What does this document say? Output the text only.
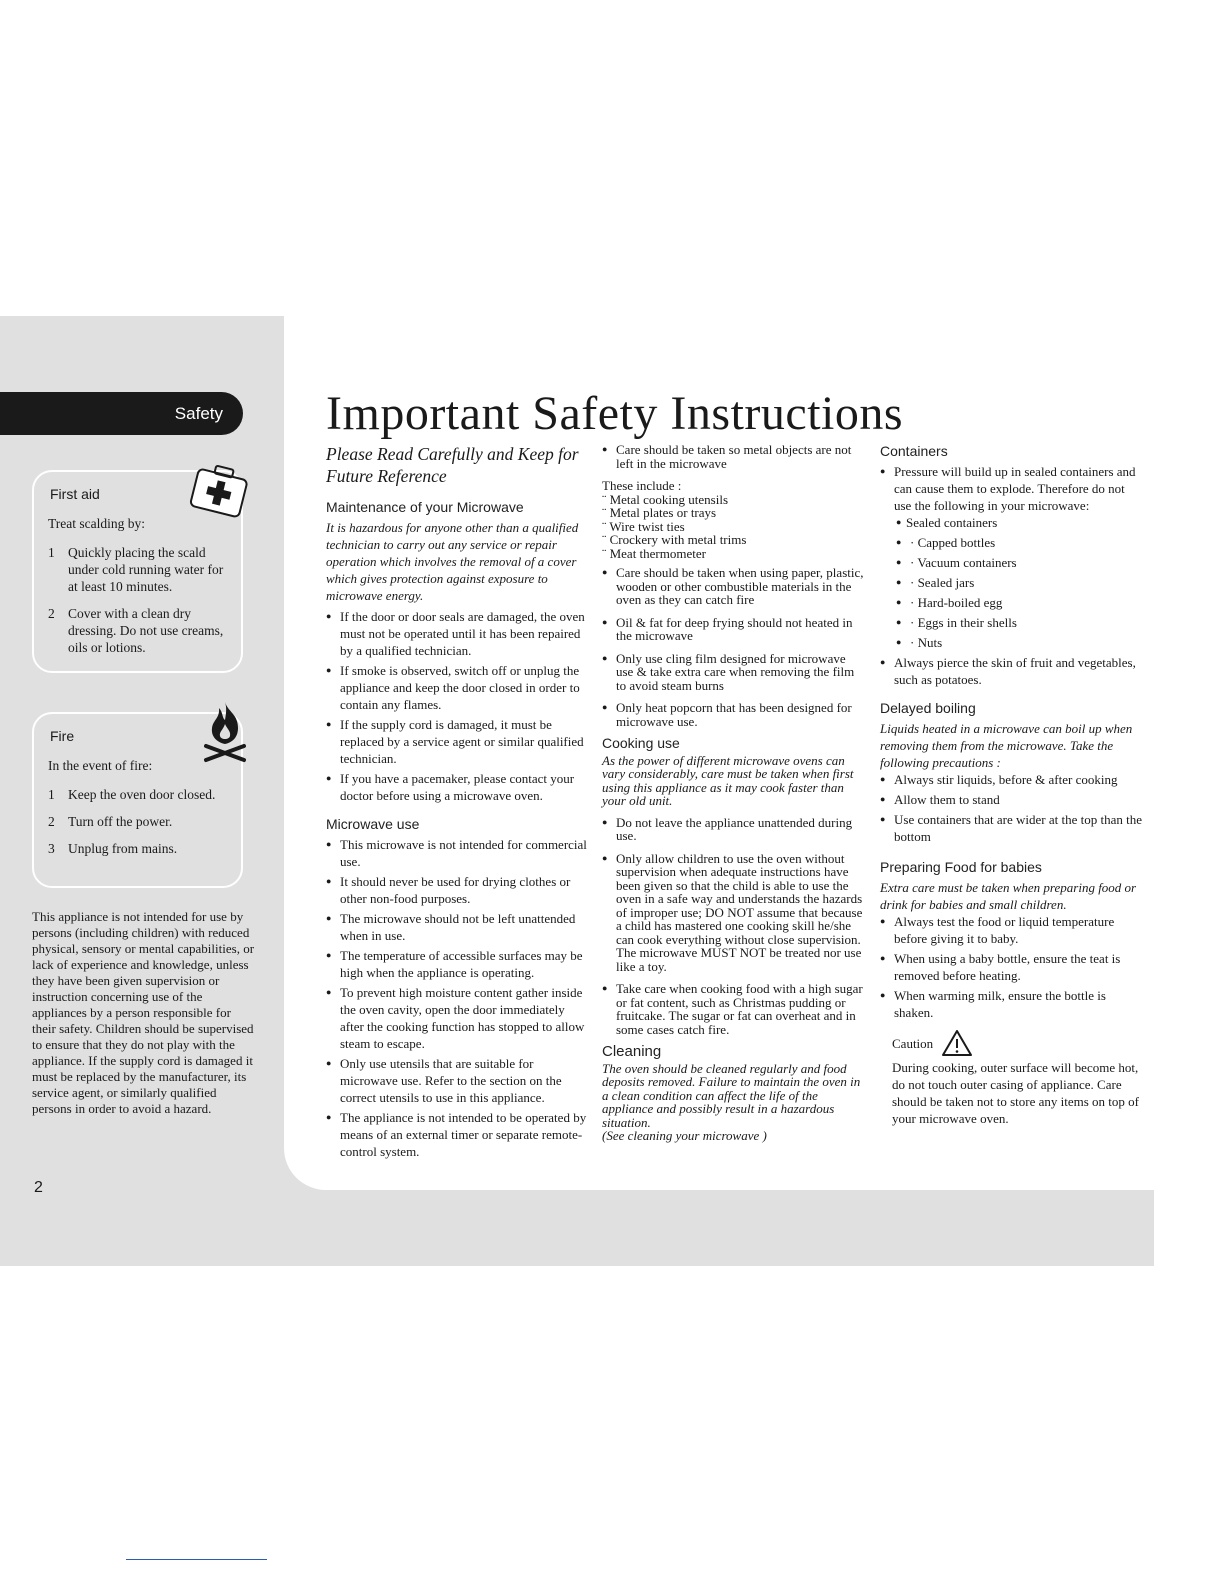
Safety Important Safety Instructions
First aid

Treat scalding by:

1 Quickly placing the scald under cold running water for at least 10 minutes.
2 Cover with a clean dry dressing. Do not use creams, oils or lotions.
Fire

In the event of fire:

1 Keep the oven door closed.
2 Turn off the power.
3 Unplug from mains.

This appliance is not intended for use by persons (including children) with reduced physical, sensory or mental capabilities, or lack of experience and knowledge, unless they have been given supervision or instruction concerning use of the appliances by a person responsible for their safety. Children should be supervised to ensure that they do not play with the appliance. If the supply cord is damaged it must be replaced by the manufacturer, its service agent, or similarly qualified persons in order to avoid a hazard.

2

Please Read Carefully and Keep for Future Reference

Maintenance of your Microwave

It is hazardous for anyone other than a qualified technician to carry out any service or repair operation which involves the removal of a cover which gives protection against exposure to microwave energy.

● If the door or door seals are damaged, the oven must not be operated until it has been repaired by a qualified technician.
● If smoke is observed, switch off or unplug the appliance and keep the door closed in order to contain any flames.
● If the supply cord is damaged, it must be replaced by a service agent or similar qualified technician.
● If you have a pacemaker, please contact your doctor before using a microwave oven.
Microwave use
● This microwave is not intended for commercial use.
● It should never be used for drying clothes or other non-food purposes.
● The microwave should not be left unattended when in use.
● The temperature of accessible surfaces may be high when the appliance is operating.
● To prevent high moisture content gather inside the oven cavity, open the door immediately after the cooking function has stopped to allow steam to escape.
● Only use utensils that are suitable for microwave use. Refer to the section on the correct utensils to use in this appliance.
● The appliance is not intended to be operated by means of an external timer or separate remote-control system.
● Care should be taken so metal objects are not left in the microwave
These include :
¨ Metal cooking utensils
¨ Metal plates or trays
¨ Wire twist ties
¨ Crockery with metal trims
¨ Meat thermometer
● Care should be taken when using paper, plastic, wooden or other combustible materials in the oven as they can catch fire
● Oil & fat for deep frying should not heated in the microwave
● Only use cling film designed for microwave use & take extra care when removing the film to avoid steam burns
● Only heat popcorn that has been designed for microwave use.
Cooking use

As the power of different microwave ovens can vary considerably, care must be taken when first using this appliance as it may cook faster than your old unit.

● Do not leave the appliance unattended during use.
● Only allow children to use the oven without supervision when adequate instructions have been given so that the child is able to use the oven in a safe way and understands the hazards of improper use; DO NOT assume that because a child has mastered one cooking skill he/she can cook everything without close supervision. The microwave MUST NOT be treated nor use like a toy.
● Take care when cooking food with a high sugar or fat content, such as Christmas pudding or fruitcake. The sugar or fat can overheat and in some cases catch fire.
Cleaning

The oven should be cleaned regularly and food deposits removed. Failure to maintain the oven in a clean condition can affect the life of the appliance and possibly result in a hazardous situation.

(See cleaning your microwave )

Containers
● Pressure will build up in sealed containers and can cause them to explode. Therefore do not use the following in your microwave:
● Sealed containers
● · Capped bottles
● · Vacuum containers
● · Sealed jars
● · Hard-boiled egg
● · Eggs in their shells
● · Nuts
● Always pierce the skin of fruit and vegetables, such as potatoes.
Delayed boiling

Liquids heated in a microwave can boil up when removing them from the microwave. Take the following precautions :

● Always stir liquids, before & after cooking
● Allow them to stand
● Use containers that are wider at the top than the bottom
Preparing Food for babies

Extra care must be taken when preparing food or drink for babies and small children.

● Always test the food or liquid temperature before giving it to baby.
● When using a baby bottle, ensure the teat is removed before heating.
● When warming milk, ensure the bottle is shaken.
Caution

During cooking, outer surface will become hot, do not touch outer casing of appliance. Care should be taken not to store any items on top of your microwave oven.
